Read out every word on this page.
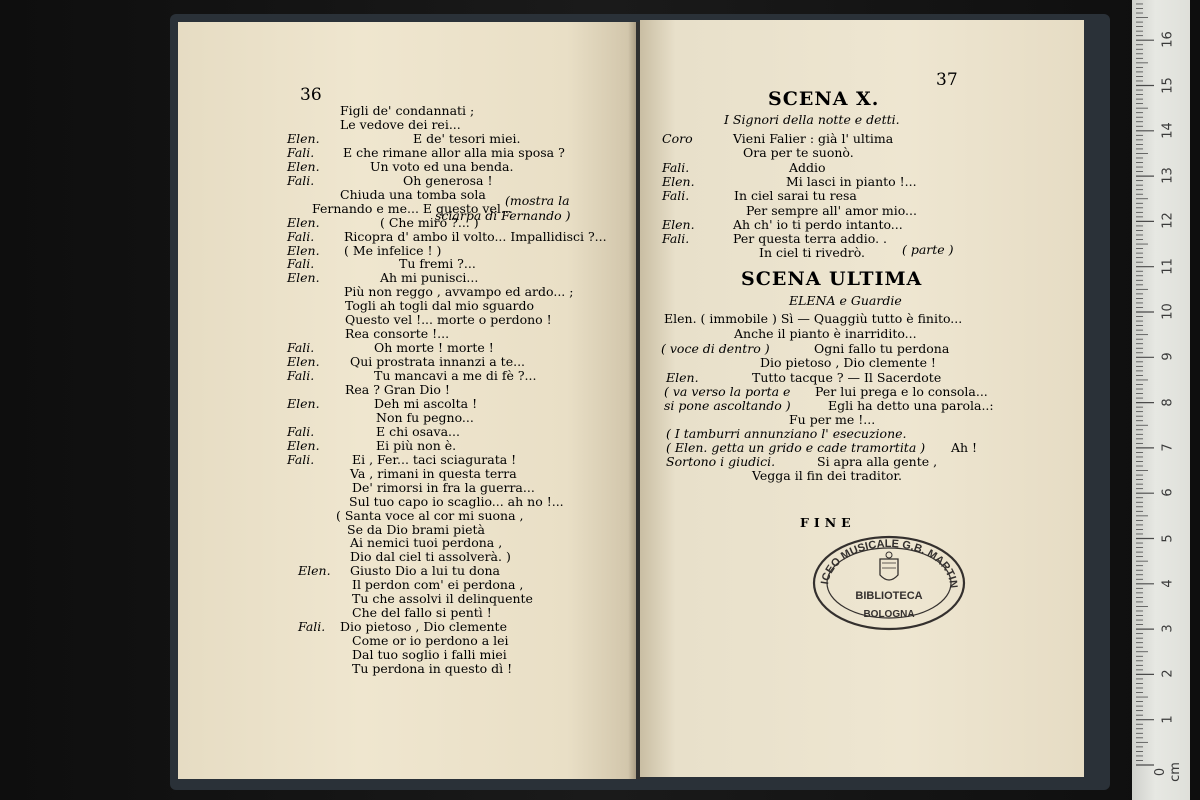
36
Figli de' condannati ;
Le vedove dei rei...
Elen.	E de' tesori miei.
Fali. E che rimane allor alla mia sposa ?
Elen.	Un voto ed una benda.
Fali.	Oh generosa !
Chiuda una tomba sola
Fernando e me... E questo vel...
Elen.	( Che miro ?... )
Fali. Ricopra d' ambo il volto... Impallidisci ?...
Elen. ( Me infelice ! )
Fali.	Tu fremi ?...
Elen.	Ah mi punisci...
Più non reggo , avvampo ed ardo... ;
Togli ah togli dal mio sguardo
Questo vel !... morte o perdono !
Rea consorte !...
Fali.	Oh morte ! morte !
Elen. Qui prostrata innanzi a te...
Fali.	Tu mancavi a me di fè ?...
Rea ? Gran Dio !
Elen.	Deh mi ascolta !
Non fu pegno...
Fali.	E chi osava...
Elen.	Ei più non è.
Fali.	Ei , Fer... taci sciagurata !
Va , rimani in questa terra
De' rimorsi in fra la guerra...
Sul tuo capo io scaglio... ah no !...
( Santa voce al cor mi suona ,
Se da Dio brami pietà
Ai nemici tuoi perdona ,
Dio dal ciel ti assolverà. )
Elen. Giusto Dio a lui tu dona
Il perdon com' ei perdona ,
Tu che assolvi il delinquente
Che del fallo si pentì !
Fali. Dio pietoso , Dio clemente
Come or io perdono a lei
Dal tuo soglio i falli miei
Tu perdona in questo dì !
(mostra la
sciarpa di Fernando )
37
SCENA X.
I Signori della notte e detti.
Coro	Vieni Falier : già l' ultima
Ora per te suonò.
Fali.	Addio
Elen.	Mi lasci in pianto !...
Fali.	In ciel sarai tu resa
Per sempre all' amor mio...
Elen.	Ah ch' io ti perdo intanto...
Fali.	Per questa terra addio. .
In ciel ti rivedrò.	( parte )
SCENA ULTIMA
ELENA e Guardie
Elen. ( immobile ) Sì — Quaggiù tutto è finito...
Anche il pianto è inarridito...
( voce di dentro )	Ogni fallo tu perdona
Dio pietoso , Dio clemente !
Elen.	Tutto tacque ? — Il Sacerdote
( va verso la porta e Per lui prega e lo consola...
si pone ascoltando )	Egli ha detto una parola..:
Fu per me !...
( I tamburri annunziano l' esecuzione.
( Elen. getta un grido e cade tramortita ) Ah !
Sortono i giudici.	Si apra alla gente ,
Vegga il fin dei traditor.
FINE
ICEO MUSICALE G.B. MARTIN
BIBLIOTECA
BOLOGNA
16
15
14
13
12
11
10
9
8
7
6
5
4
3
2
1
0 cm
